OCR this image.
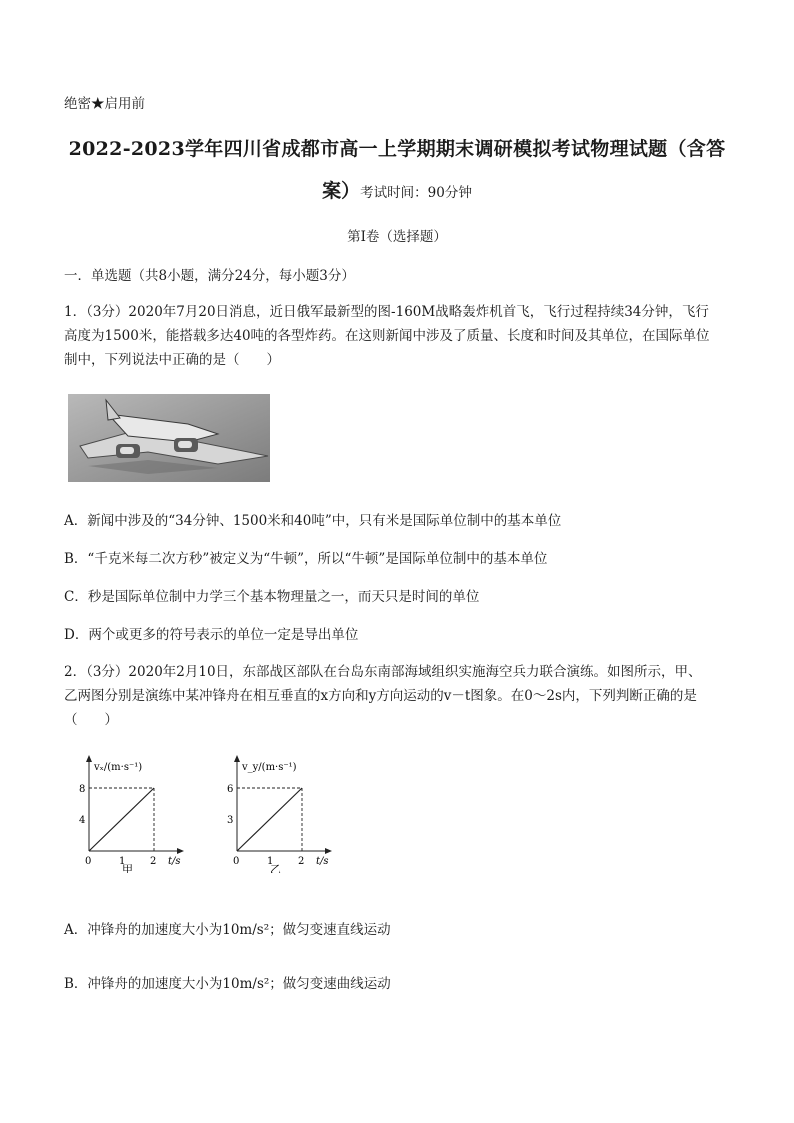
绝密★启用前
2022-2023学年四川省成都市高一上学期期末调研模拟考试物理试题（含答
案）考试时间：90分钟
第Ⅰ卷（选择题）
一．单选题（共8小题，满分24分，每小题3分）
1．（3分）2020年7月20日消息，近日俄军最新型的图-160M战略轰炸机首飞，飞行过程持续34分钟，飞行
高度为1500米，能搭载多达40吨的各型炸药。在这则新闻中涉及了质量、长度和时间及其单位，在国际单位
制中，下列说法中正确的是（　　）
A．新闻中涉及的“34分钟、1500米和40吨”中，只有米是国际单位制中的基本单位
B．“千克米每二次方秒”被定义为“牛顿”，所以“牛顿”是国际单位制中的基本单位
C．秒是国际单位制中力学三个基本物理量之一，而天只是时间的单位
D．两个或更多的符号表示的单位一定是导出单位
2．（3分）2020年2月10日，东部战区部队在台岛东南部海域组织实施海空兵力联合演练。如图所示，甲、
乙两图分别是演练中某冲锋舟在相互垂直的x方向和y方向运动的v－t图象。在0～2s内，下列判断正确的是
（　　）
vₓ/(m·s⁻¹)
8
4
0	1 2 t/s
甲
v_y/(m·s⁻¹)
6
3
0	1 2 t/s
乙
A．冲锋舟的加速度大小为10m/s²；做匀变速直线运动
B．冲锋舟的加速度大小为10m/s²；做匀变速曲线运动
